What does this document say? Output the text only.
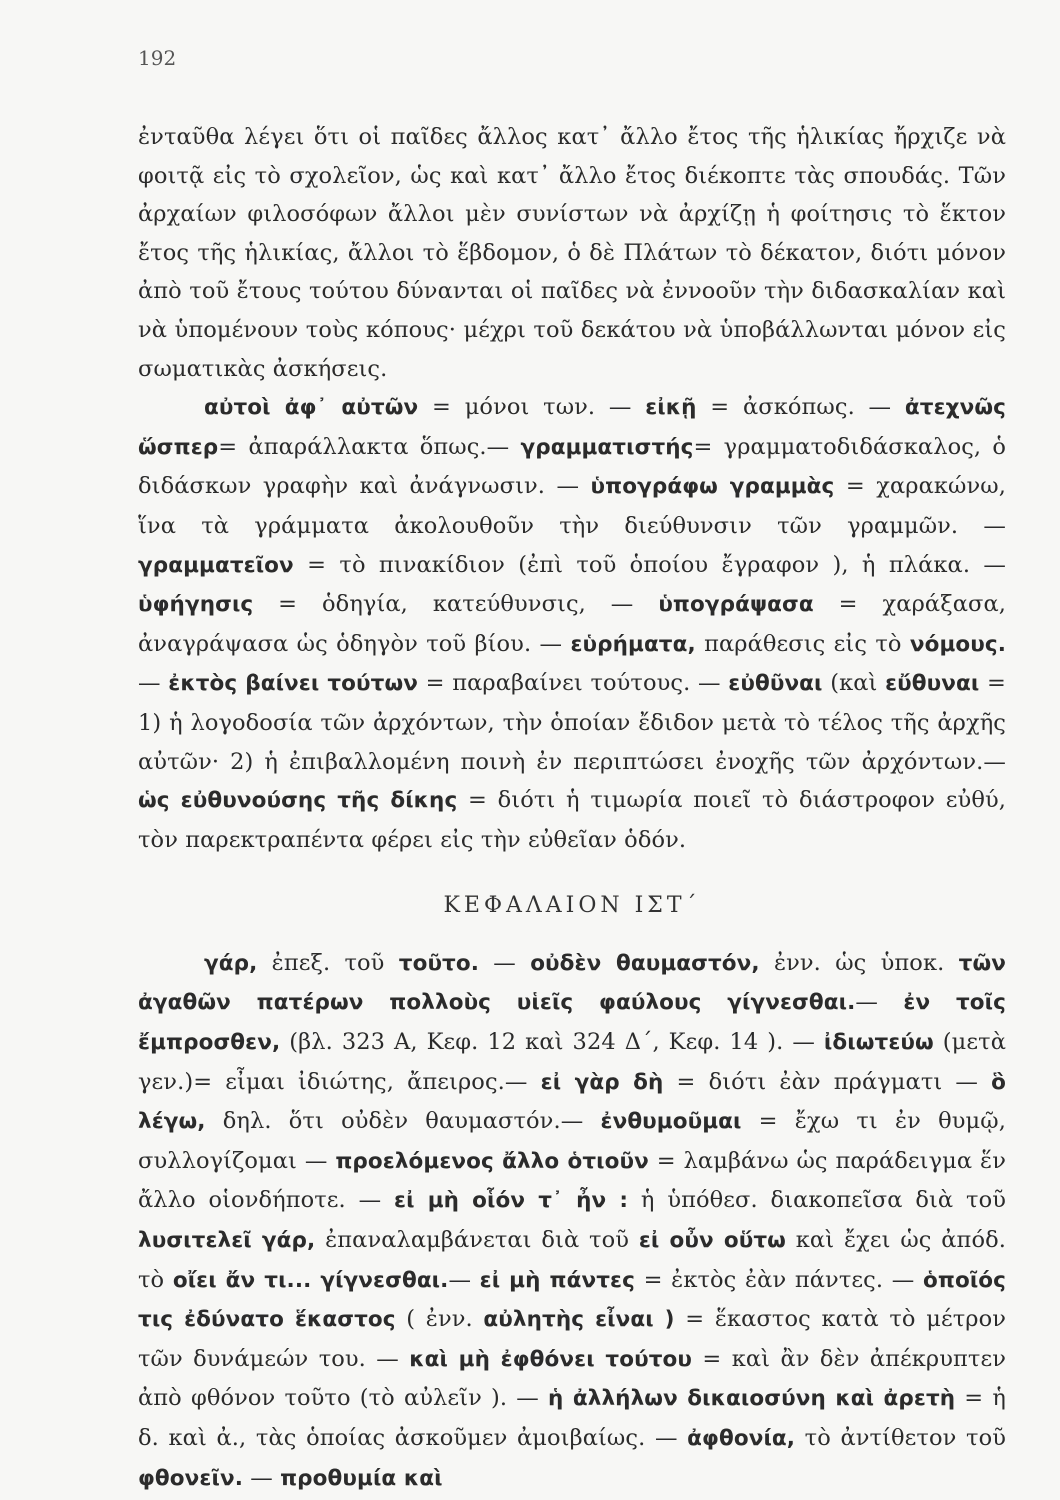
192

ἐνταῦθα λέγει ὅτι οἱ παῖδες ἄλλος κατ᾽ ἄλλο ἔτος τῆς ἡλικίας ἤρχιζε νὰ φοιτᾷ εἰς τὸ σχολεῖον, ὡς καὶ κατ᾽ ἄλλο ἔτος διέκοπτε τὰς σπουδάς. Τῶν ἀρχαίων φιλοσόφων ἄλλοι μὲν συνίστων νὰ ἀρχίζῃ ἡ φοίτησις τὸ ἕκτον ἔτος τῆς ἡλικίας, ἄλλοι τὸ ἕβδομον, ὁ δὲ Πλάτων τὸ δέκατον, διότι μόνον ἀπὸ τοῦ ἔτους τούτου δύνανται οἱ παῖδες νὰ ἐννοοῦν τὴν διδασκαλίαν καὶ νὰ ὑπομένουν τοὺς κόπους· μέχρι τοῦ δεκάτου νὰ ὑποβάλλωνται μόνον εἰς σωματικὰς ἀσκήσεις.

αὐτοὶ ἀφ᾽ αὐτῶν = μόνοι των. — εἰκῇ = ἀσκόπως. — ἀτεχνῶς ὥσπερ= ἀπαράλλακτα ὅπως.— γραμματιστής= γραμματοδιδάσκαλος, ὁ διδάσκων γραφὴν καὶ ἀνάγνωσιν. — ὑπογράφω γραμμὰς = χαρακώνω, ἵνα τὰ γράμματα ἀκολουθοῦν τὴν διεύθυνσιν τῶν γραμμῶν. — γραμματεῖον = τὸ πινακίδιον (ἐπὶ τοῦ ὁποίου ἔγραφον ), ἡ πλάκα. — ὑφήγησις = ὁδηγία, κατεύθυνσις, — ὑπογράψασα = χαράξασα, ἀναγράψασα ὡς ὁδηγὸν τοῦ βίου. — εὑρήματα, παράθεσις εἰς τὸ νόμους. — ἐκτὸς βαίνει τούτων = παραβαίνει τούτους. — εὐθῦναι (καὶ εὔθυναι = 1) ἡ λογοδοσία τῶν ἀρχόντων, τὴν ὁποίαν ἔδιδον μετὰ τὸ τέλος τῆς ἀρχῆς αὐτῶν· 2) ἡ ἐπιβαλλομένη ποινὴ ἐν περιπτώσει ἐνοχῆς τῶν ἀρχόντων.— ὡς εὐθυνούσης τῆς δίκης = διότι ἡ τιμωρία ποιεῖ τὸ διάστροφον εὐθύ, τὸν παρεκτραπέντα φέρει εἰς τὴν εὐθεῖαν ὁδόν.

ΚΕΦΑΛΑΙΟΝ ΙΣΤ΄

γάρ, ἐπεξ. τοῦ τοῦτο. — οὐδὲν θαυμαστόν, ἐνν. ὡς ὑποκ. τῶν ἀγαθῶν πατέρων πολλοὺς υἱεῖς φαύλους γίγνεσθαι.— ἐν τοῖς ἔμπροσθεν, (βλ. 323 Α, Κεφ. 12 καὶ 324 Δ΄, Κεφ. 14 ). — ἰδιωτεύω (μετὰ γεν.)= εἶμαι ἰδιώτης, ἄπειρος.— εἰ γὰρ δὴ = διότι ἐὰν πράγματι — ὃ λέγω, δηλ. ὅτι οὐδὲν θαυμαστόν.— ἐνθυμοῦμαι = ἔχω τι ἐν θυμῷ, συλλογίζομαι — προελόμενος ἄλλο ὁτιοῦν = λαμβάνω ὡς παράδειγμα ἕν ἄλλο οἱονδήποτε. — εἰ μὴ οἷόν τ᾽ ἦν : ἡ ὑπόθεσ. διακοπεῖσα διὰ τοῦ λυσιτελεῖ γάρ, ἐπαναλαμβάνεται διὰ τοῦ εἰ οὖν οὕτω καὶ ἔχει ὡς ἀπόδ. τὸ οἴει ἄν τι... γίγνεσθαι.— εἰ μὴ πάντες = ἐκτὸς ἐὰν πάντες. — ὁποῖός τις ἐδύνατο ἕκαστος ( ἐνν. αὐλητὴς εἶναι ) = ἕκαστος κατὰ τὸ μέτρον τῶν δυνάμεών του. — καὶ μὴ ἐφθόνει τούτου = καὶ ἂν δὲν ἀπέκρυπτεν ἀπὸ φθόνον τοῦτο (τὸ αὐλεῖν ). — ἡ ἀλλήλων δικαιοσύνη καὶ ἀρετὴ = ἡ δ. καὶ ἀ., τὰς ὁποίας ἀσκοῦμεν ἀμοιβαίως. — ἀφθονία, τὸ ἀντίθετον τοῦ φθονεῖν. — προθυμία καὶ
